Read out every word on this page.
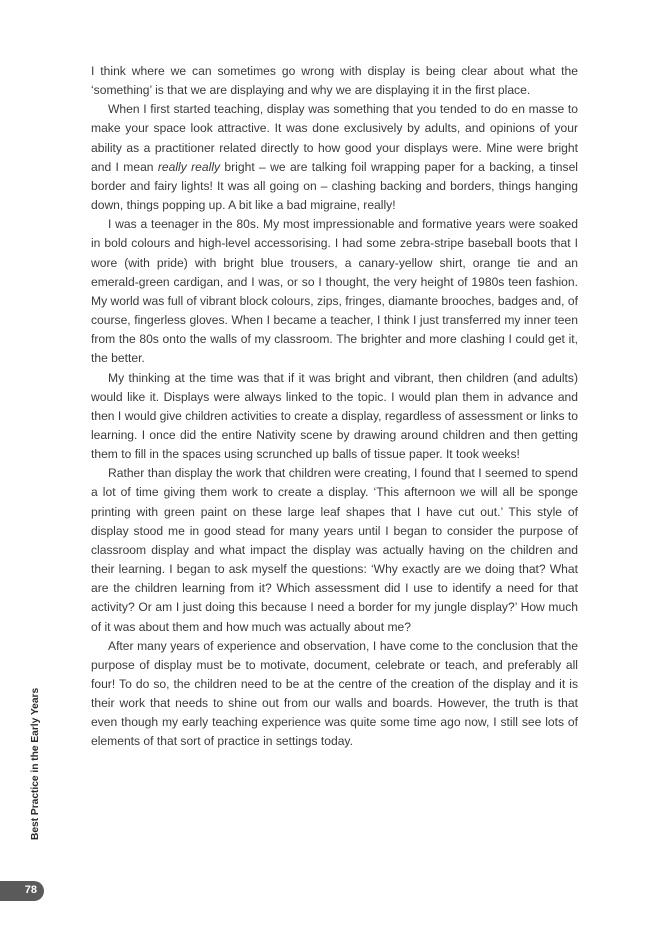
I think where we can sometimes go wrong with display is being clear about what the ‘something’ is that we are displaying and why we are displaying it in the first place.

When I first started teaching, display was something that you tended to do en masse to make your space look attractive. It was done exclusively by adults, and opinions of your ability as a practitioner related directly to how good your displays were. Mine were bright and I mean really really bright – we are talking foil wrapping paper for a backing, a tinsel border and fairy lights! It was all going on – clashing backing and borders, things hanging down, things popping up. A bit like a bad migraine, really!

I was a teenager in the 80s. My most impressionable and formative years were soaked in bold colours and high-level accessorising. I had some zebra-stripe baseball boots that I wore (with pride) with bright blue trousers, a canary-yellow shirt, orange tie and an emerald-green cardigan, and I was, or so I thought, the very height of 1980s teen fashion. My world was full of vibrant block colours, zips, fringes, diamante brooches, badges and, of course, fingerless gloves. When I became a teacher, I think I just transferred my inner teen from the 80s onto the walls of my classroom. The brighter and more clashing I could get it, the better.

My thinking at the time was that if it was bright and vibrant, then children (and adults) would like it. Displays were always linked to the topic. I would plan them in advance and then I would give children activities to create a display, regardless of assessment or links to learning. I once did the entire Nativity scene by drawing around children and then getting them to fill in the spaces using scrunched up balls of tissue paper. It took weeks!

Rather than display the work that children were creating, I found that I seemed to spend a lot of time giving them work to create a display. ‘This afternoon we will all be sponge printing with green paint on these large leaf shapes that I have cut out.’ This style of display stood me in good stead for many years until I began to consider the purpose of classroom display and what impact the display was actually having on the children and their learning. I began to ask myself the questions: ‘Why exactly are we doing that? What are the children learning from it? Which assessment did I use to identify a need for that activity? Or am I just doing this because I need a border for my jungle display?’ How much of it was about them and how much was actually about me?

After many years of experience and observation, I have come to the conclusion that the purpose of display must be to motivate, document, celebrate or teach, and preferably all four! To do so, the children need to be at the centre of the creation of the display and it is their work that needs to shine out from our walls and boards. However, the truth is that even though my early teaching experience was quite some time ago now, I still see lots of elements of that sort of practice in settings today.

Best Practice in the Early Years
78
